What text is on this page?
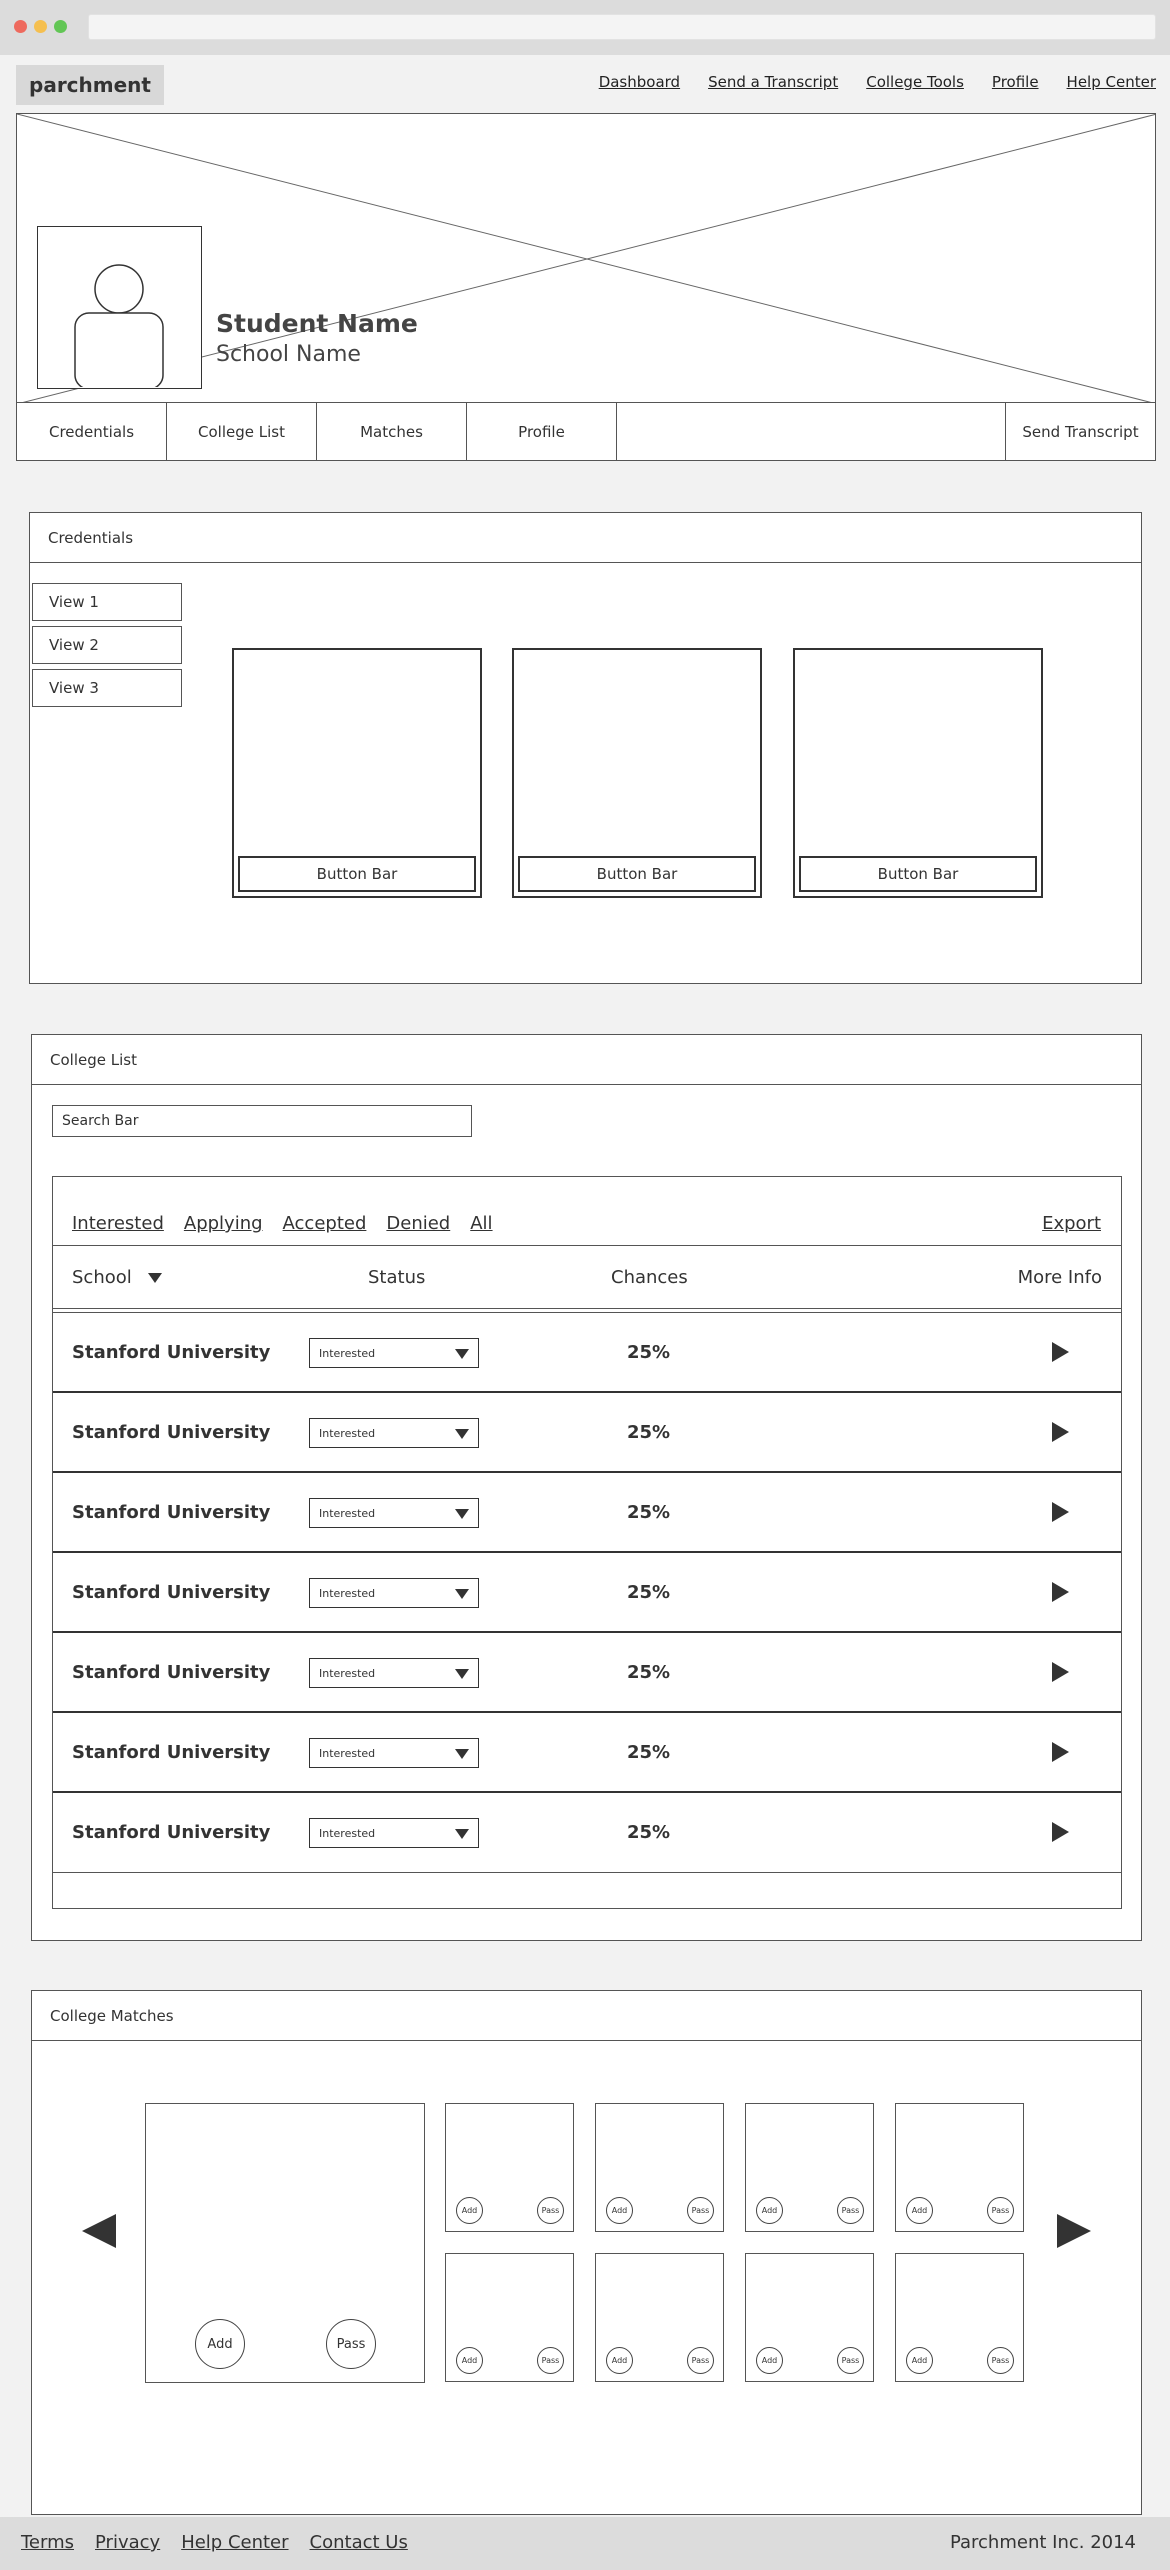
parchment	Dashboard Send a Transcript College Tools Profile Help Center
Student Name
School Name
Credentials	College List	Matches	Profile	Send Transcript
Credentials
View 1
View 2
View 3
Button Bar	Button Bar	Button Bar
College List
Search Bar
Interested Applying Accepted Denied All	Export
School	Status	Chances	More Info
Stanford University	Interested	25%
Stanford University	Interested	25%
Stanford University	Interested	25%
Stanford University	Interested	25%
Stanford University	Interested	25%
Stanford University	Interested	25%
Stanford University	Interested	25%
College Matches
Add	Pass
Add	Pass	Add	Pass	Add	Pass	Add	Pass
Add	Pass	Add	Pass	Add	Pass	Add	Pass
Terms Privacy Help Center Contact Us	Parchment Inc. 2014
